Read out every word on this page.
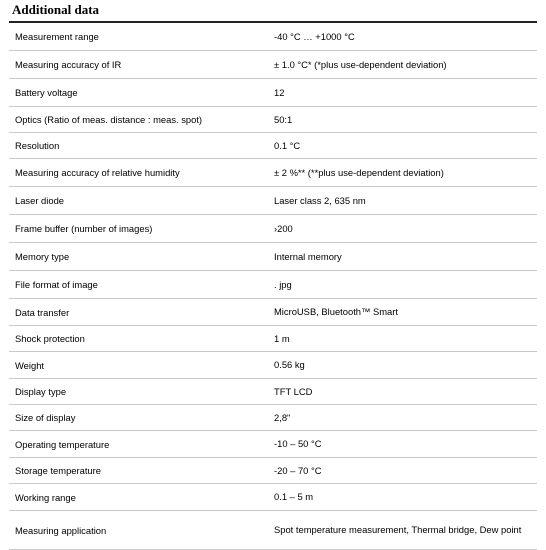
Additional data
Measurement range	-40 °C … +1000 °C
Measuring accuracy of IR	± 1.0 °C* (*plus use-dependent deviation)
Battery voltage	12
Optics (Ratio of meas. distance : meas. spot)	50:1
Resolution	0.1 °C
Measuring accuracy of relative humidity	± 2 %** (**plus use-dependent deviation)
Laser diode	Laser class 2, 635 nm
Frame buffer (number of images)	›200
Memory type	Internal memory
File format of image	. jpg
Data transfer	MicroUSB, Bluetooth™ Smart
Shock protection	1 m
Weight	0.56 kg
Display type	TFT LCD
Size of display	2,8"
Operating temperature	-10 – 50 °C
Storage temperature	-20 – 70 °C
Working range	0.1 – 5 m
Measuring application	Spot temperature measurement, Thermal bridge, Dew point
